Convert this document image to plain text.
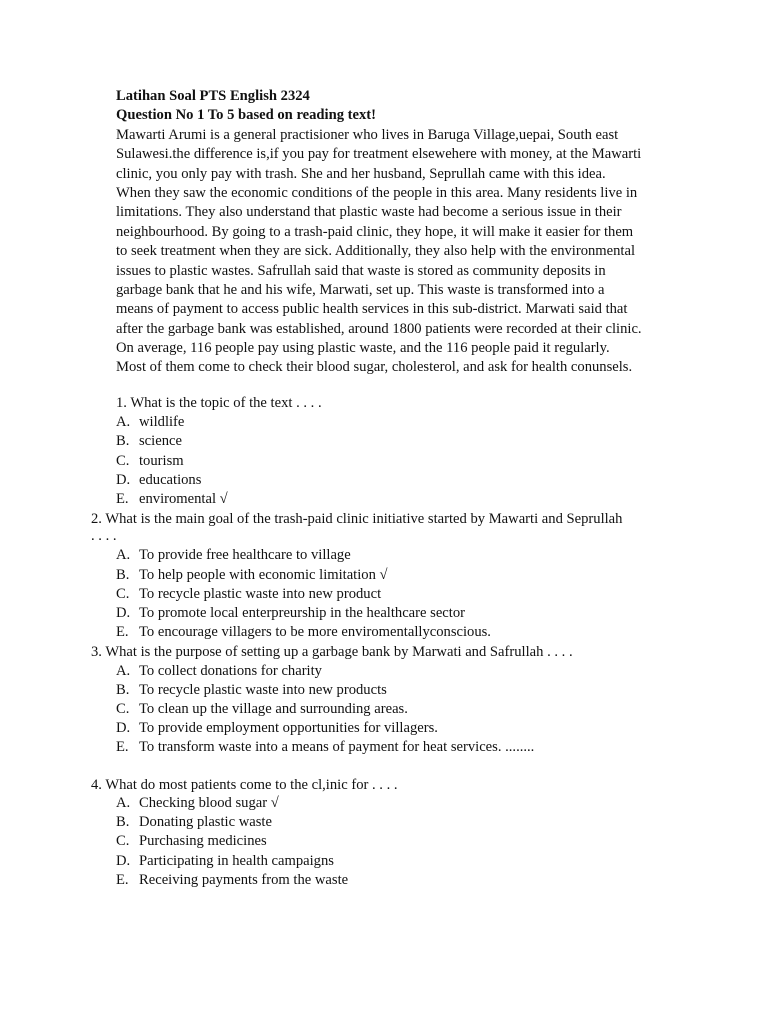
Latihan Soal PTS English 2324
Question No 1 To 5 based on reading text!
Mawarti Arumi is a general practisioner who lives in Baruga Village,uepai, South east
Sulawesi.the difference is,if you pay for treatment elsewehere with money, at the Mawarti
clinic, you only pay with trash. She and her husband, Seprullah came with this idea.
When they saw the economic conditions of the people in this area. Many residents live in
limitations. They also understand that plastic waste had become a serious issue in their
neighbourhood. By going to a trash-paid clinic, they hope, it will make it easier for them
to seek treatment when they are sick. Additionally, they also help with the environmental
issues to plastic wastes. Safrullah said that waste is stored as community deposits in
garbage bank that he and his wife, Marwati, set up. This waste is transformed into a
means of payment to access public health services in this sub-district. Marwati said that
after the garbage bank was established, around 1800 patients were recorded at their clinic.
On average, 116 people pay using plastic waste, and the 116 people paid it regularly.
Most of them come to check their blood sugar, cholesterol, and ask for health conunsels.
1. What is the topic of the text . . . .
A. wildlife
B. science
C. tourism
D. educations
E. enviromental √
2. What is the main goal of the trash-paid clinic initiative started by Mawarti and Seprullah
. . . .
A. To provide free healthcare to village
B. To help people with economic limitation √
C. To recycle plastic waste into new product
D. To promote local enterpreurship in the healthcare sector
E. To encourage villagers to be more enviromentallyconscious.
3. What is the purpose of setting up a garbage bank by Marwati and Safrullah . . . .
A. To collect donations for charity
B. To recycle plastic waste into new products
C. To clean up the village and surrounding areas.
D. To provide employment opportunities for villagers.
E. To transform waste into a means of payment for heat services. ........
4. What do most patients come to the cl,inic for . . . .
A. Checking blood sugar √
B. Donating plastic waste
C. Purchasing medicines
D. Participating in health campaigns
E. Receiving payments from the waste
